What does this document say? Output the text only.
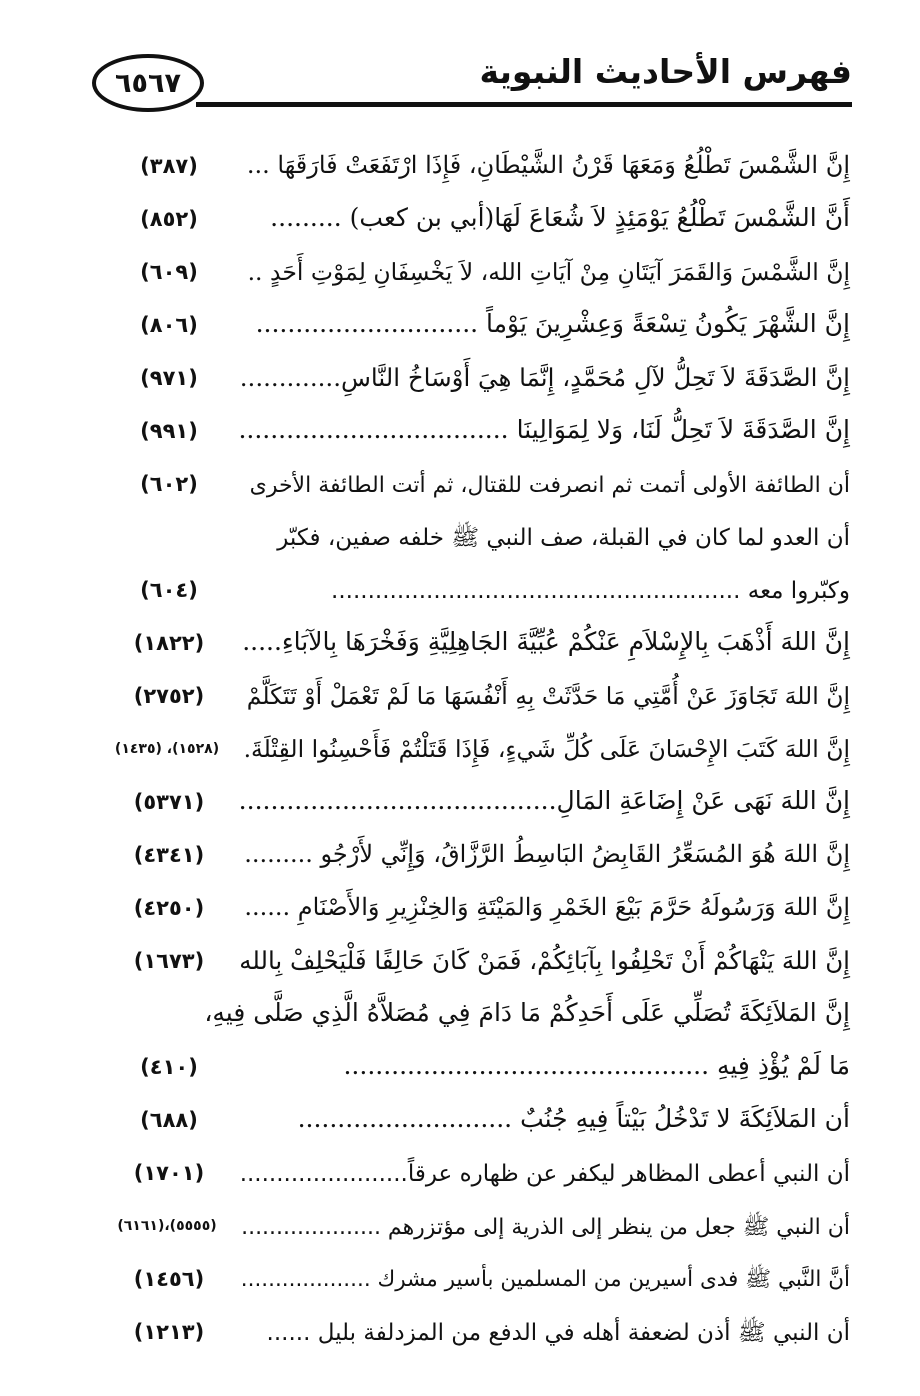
٦٥٦٧	فهرس الأحاديث النبوية
إِنَّ الشَّمْسَ تَطْلُعُ وَمَعَهَا قَرْنُ الشَّيْطَانِ، فَإِذَا ارْتَفَعَتْ فَارَقَهَا ...
(٣٨٧)
أَنَّ الشَّمْسَ تَطْلُعُ يَوْمَئِذٍ لاَ شُعَاعَ لَهَا(أبي بن كعب) .........
(٨٥٢)
إِنَّ الشَّمْسَ وَالقَمَرَ آيَتَانِ مِنْ آيَاتِ الله، لاَ يَخْسِفَانِ لِمَوْتِ أَحَدٍ ..
(٦٠٩)
إِنَّ الشَّهْرَ يَكُونُ تِسْعَةً وَعِشْرِينَ يَوْماً ............................
(٨٠٦)
إِنَّ الصَّدَقَةَ لاَ تَحِلُّ لآلِ مُحَمَّدٍ، إِنَّمَا هِيَ أَوْسَاخُ النَّاسِ.............
(٩٧١)
إِنَّ الصَّدَقَةَ لاَ تَحِلُّ لَنَا، وَلا لِمَوَالِينَا ..................................
(٩٩١)
أن الطائفة الأولى أتمت ثم انصرفت للقتال، ثم أتت الطائفة الأخرى
(٦٠٢)
أن العدو لما كان في القبلة، صف النبي ﷺ خلفه صفين، فكبّر
وكبّروا معه ........................................................
(٦٠٤)
إِنَّ اللهَ أَذْهَبَ بِالإِسْلاَمِ عَنْكُمْ عُبِّيَّةَ الجَاهِلِيَّةِ وَفَخْرَهَا بِالآبَاءِ.....
(١٨٢٢)
إِنَّ اللهَ تَجَاوَزَ عَنْ أُمَّتِي مَا حَدَّثَتْ بِهِ أَنْفُسَهَا مَا لَمْ تَعْمَلْ أَوْ تَتَكَلَّمْ
(٢٧٥٢)
إِنَّ اللهَ كَتَبَ الإِحْسَانَ عَلَى كُلِّ شَيءٍ، فَإِذَا قَتَلْتُمْ فَأَحْسِنُوا القِتْلَةَ.
(١٥٢٨)، (١٤٣٥)
إِنَّ اللهَ نَهَى عَنْ إِضَاعَةِ المَالِ........................................
(٥٣٧١)
إِنَّ اللهَ هُوَ المُسَعِّرُ القَابِضُ البَاسِطُ الرَّزَّاقُ، وَإِنِّي لأَرْجُو .........
(٤٣٤١)
إِنَّ اللهَ وَرَسُولَهُ حَرَّمَ بَيْعَ الخَمْرِ وَالمَيْتَةِ وَالخِنْزِيرِ وَالأَصْنَامِ ......
(٤٢٥٠)
إِنَّ اللهَ يَنْهَاكُمْ أَنْ تَحْلِفُوا بِآبَائِكُمْ، فَمَنْ كَانَ حَالِفًا فَلْيَحْلِفْ بِالله
(١٦٧٣)
إِنَّ المَلاَئِكَةَ تُصَلِّي عَلَى أَحَدِكُمْ مَا دَامَ فِي مُصَلاَّهُ الَّذِي صَلَّى فِيهِ،
مَا لَمْ يُؤْذِ فِيهِ ..............................................
(٤١٠)
أن المَلاَئِكَةَ لا تَدْخُلُ بَيْتاً فِيهِ جُنُبٌ ...........................
(٦٨٨)
أن النبي أعطى المظاهر ليكفر عن ظهاره عرقاً.......................
(١٧٠١)
أن النبي ﷺ جعل من ينظر إلى الذرية إلى مؤتزرهم ....................
(٥٥٥٥)،(٦١٦١)
أنَّ النَّبي ﷺ فدى أسيرين من المسلمين بأسير مشرك ...................
(١٤٥٦)
أن النبي ﷺ أذن لضعفة أهله في الدفع من المزدلفة بليل ......
(١٢١٣)
